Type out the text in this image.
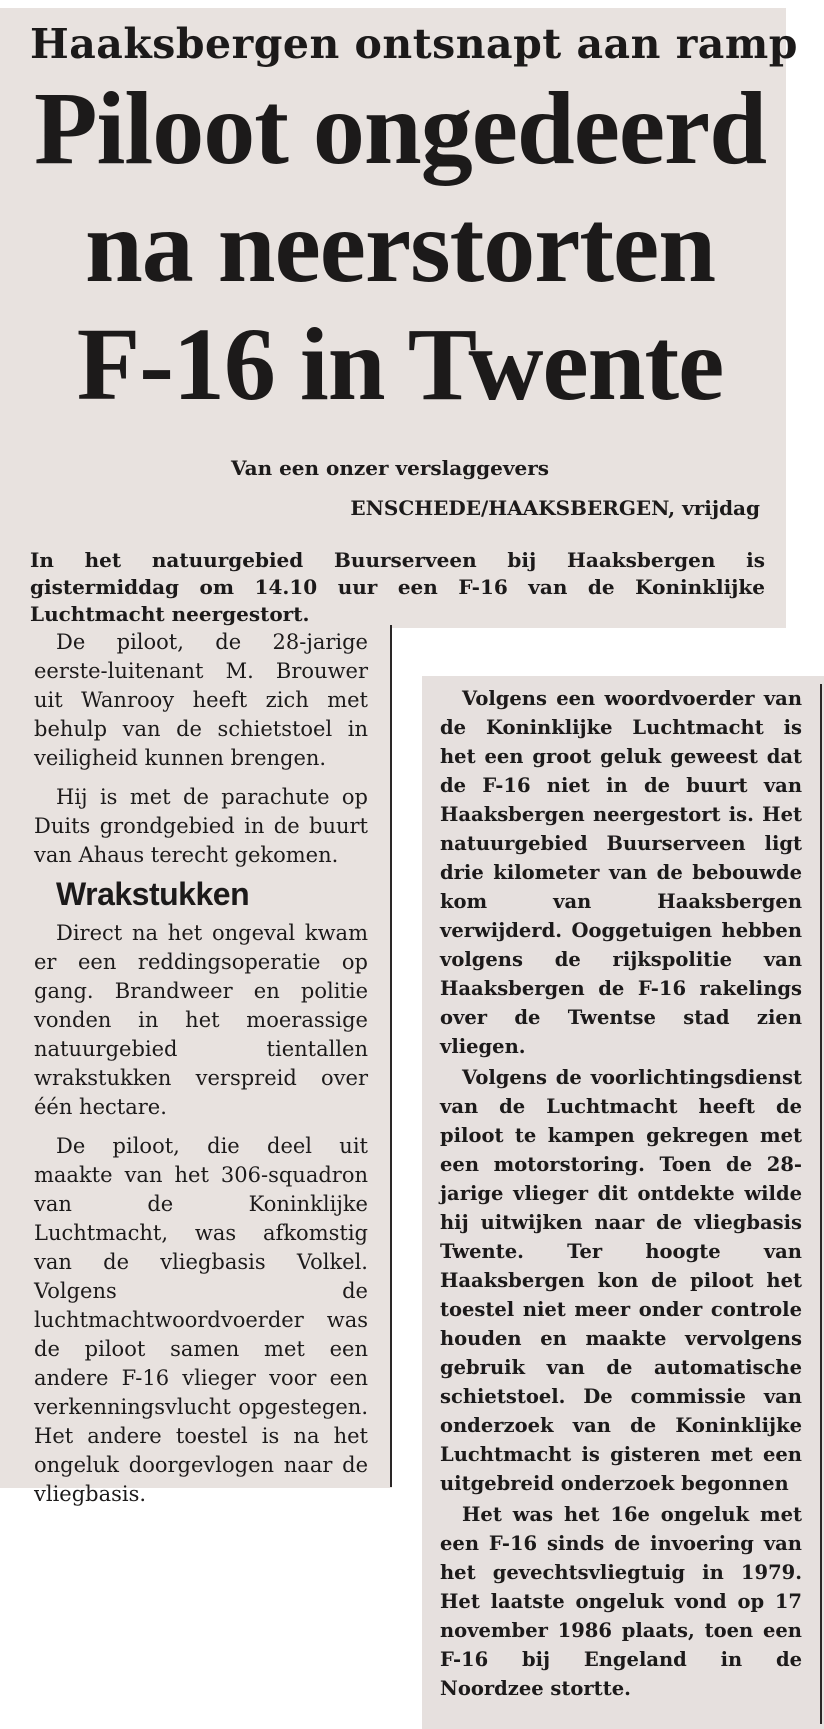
Haaksbergen ontsnapt aan ramp
Piloot ongedeerd na neerstorten F-16 in Twente
Van een onzer verslaggevers
ENSCHEDE/HAAKSBERGEN, vrijdag
In het natuurgebied Buurserveen bij Haaksbergen is gistermiddag om 14.10 uur een F-16 van de Koninklijke Luchtmacht neergestort.

De piloot, de 28-jarige eerste-luitenant M. Brouwer uit Wanrooy heeft zich met behulp van de schietstoel in veiligheid kunnen brengen.

Hij is met de parachute op Duits grondgebied in de buurt van Ahaus terecht gekomen.

Wrakstukken

Direct na het ongeval kwam er een reddingsoperatie op gang. Brandweer en politie vonden in het moerassige natuurgebied tientallen wrakstukken verspreid over één hectare.

De piloot, die deel uit maakte van het 306-squadron van de Koninklijke Luchtmacht, was afkomstig van de vliegbasis Volkel. Volgens de luchtmachtwoordvoerder was de piloot samen met een andere F-16 vlieger voor een verkenningsvlucht opgestegen. Het andere toestel is na het ongeluk doorgevlogen naar de vliegbasis.

Volgens een woordvoerder van de Koninklijke Luchtmacht is het een groot geluk geweest dat de F-16 niet in de buurt van Haaksbergen neergestort is. Het natuurgebied Buurserveen ligt drie kilometer van de bebouwde kom van Haaksbergen verwijderd. Ooggetuigen hebben volgens de rijkspolitie van Haaksbergen de F-16 rakelings over de Twentse stad zien vliegen.

Volgens de voorlichtingsdienst van de Luchtmacht heeft de piloot te kampen gekregen met een motorstoring. Toen de 28-jarige vlieger dit ontdekte wilde hij uitwijken naar de vliegbasis Twente. Ter hoogte van Haaksbergen kon de piloot het toestel niet meer onder controle houden en maakte vervolgens gebruik van de automatische schietstoel. De commissie van onderzoek van de Koninklijke Luchtmacht is gisteren met een uitgebreid onderzoek begonnen

Het was het 16e ongeluk met een F-16 sinds de invoering van het gevechtsvliegtuig in 1979. Het laatste ongeluk vond op 17 november 1986 plaats, toen een F-16 bij Engeland in de Noordzee stortte.
